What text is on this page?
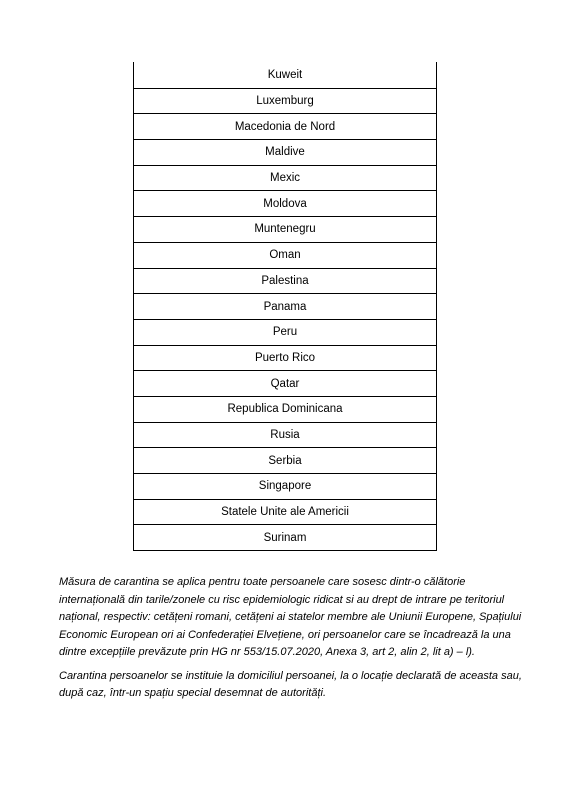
Kuweit
Luxemburg
Macedonia de Nord
Maldive
Mexic
Moldova
Muntenegru
Oman
Palestina
Panama
Peru
Puerto Rico
Qatar
Republica Dominicana
Rusia
Serbia
Singapore
Statele Unite ale Americii
Surinam

Măsura de carantina se aplica pentru toate persoanele care sosesc dintr-o călătorie internațională din tarile/zonele cu risc epidemiologic ridicat si au drept de intrare pe teritoriul național, respectiv: cetățeni romani, cetățeni ai statelor membre ale Uniunii Europene, Spațiului Economic European ori ai Confederației Elvețiene, ori persoanelor care se încadrează la una dintre excepțiile prevăzute prin HG nr 553/15.07.2020, Anexa 3, art 2, alin 2, lit a) – l).

Carantina persoanelor se instituie la domiciliul persoanei, la o locație declarată de aceasta sau, după caz, într-un spațiu special desemnat de autorități.
